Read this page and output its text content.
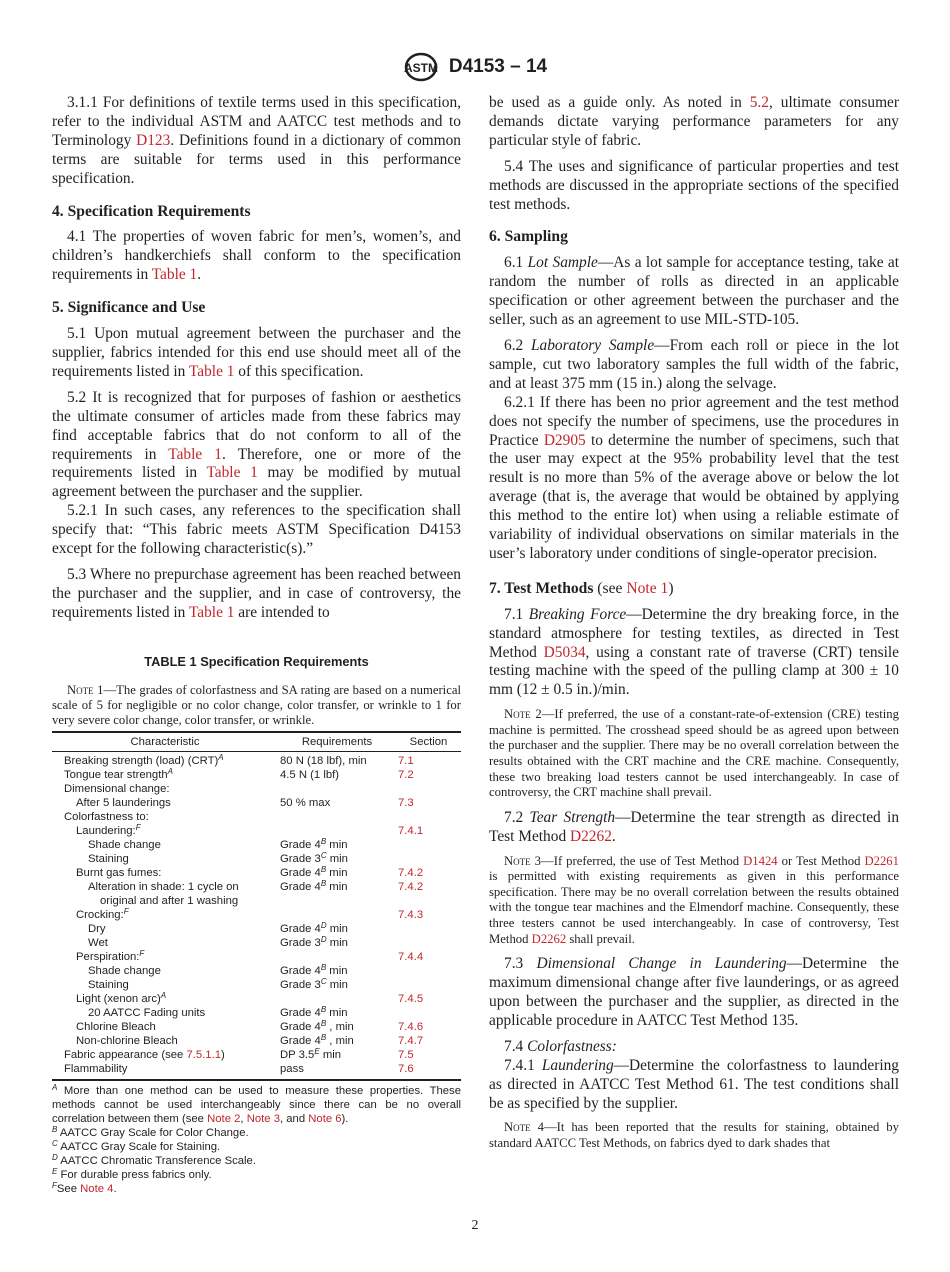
ASTM D4153 – 14

3.1.1 For definitions of textile terms used in this specification, refer to the individual ASTM and AATCC test methods and to Terminology D123. Definitions found in a dictionary of common terms are suitable for terms used in this performance specification.

4. Specification Requirements

4.1 The properties of woven fabric for men’s, women’s, and children’s handkerchiefs shall conform to the specification requirements in Table 1.

5. Significance and Use

5.1 Upon mutual agreement between the purchaser and the supplier, fabrics intended for this end use should meet all of the requirements listed in Table 1 of this specification.

5.2 It is recognized that for purposes of fashion or aesthetics the ultimate consumer of articles made from these fabrics may find acceptable fabrics that do not conform to all of the requirements in Table 1. Therefore, one or more of the requirements listed in Table 1 may be modified by mutual agreement between the purchaser and the supplier.

5.2.1 In such cases, any references to the specification shall specify that: “This fabric meets ASTM Specification D4153 except for the following characteristic(s).”

5.3 Where no prepurchase agreement has been reached between the purchaser and the supplier, and in case of controversy, the requirements listed in Table 1 are intended to

TABLE 1 Specification Requirements

Note 1—The grades of colorfastness and SA rating are based on a numerical scale of 5 for negligible or no color change, color transfer, or wrinkle to 1 for very severe color change, color transfer, or wrinkle.

Characteristic	Requirements	Section
Breaking strength (load) (CRT)$^A$	80 N (18 lbf), min	7.1
Tongue tear strength$^A$	4.5 N (1 lbf)	7.2
Dimensional change:		
After 5 launderings	50 % max	7.3
Colorfastness to:		
Laundering:$^F$		7.4.1
Shade change	Grade $4^B$ min	
Staining	Grade $3^C$ min	
Burnt gas fumes:	Grade $4^B$ min	7.4.2
Alteration in shade: 1 cycle on	Grade $4^B$ min	7.4.2
original and after 1 washing		
Crocking:$^F$		7.4.3
Dry	Grade $4^D$ min	
Wet	Grade $3^D$ min	
Perspiration:$^F$		7.4.4
Shade change	Grade $4^B$ min	
Staining	Grade $3^C$ min	
Light (xenon arc)$^A$		7.4.5
20 AATCC Fading units	Grade $4^B$ min	
Chlorine Bleach	Grade $4^B$ , min	7.4.6
Non-chlorine Bleach	Grade $4^B$ , min	7.4.7
Fabric appearance (see 7.5.1.1)	DP $3.5^E$ min	7.5
Flammability	pass	7.6

$^A$ More than one method can be used to measure these properties. These methods cannot be used interchangeably since there can be no overall correlation between them (see Note 2, Note 3, and Note 6).

$^B$ AATCC Gray Scale for Color Change.

$^C$ AATCC Gray Scale for Staining.

$^D$ AATCC Chromatic Transference Scale.

$^E$ For durable press fabrics only.

$^F$See Note 4.

be used as a guide only. As noted in 5.2, ultimate consumer demands dictate varying performance parameters for any particular style of fabric.

5.4 The uses and significance of particular properties and test methods are discussed in the appropriate sections of the specified test methods.

6. Sampling

6.1 Lot Sample—As a lot sample for acceptance testing, take at random the number of rolls as directed in an applicable specification or other agreement between the purchaser and the seller, such as an agreement to use MIL-STD-105.

6.2 Laboratory Sample—From each roll or piece in the lot sample, cut two laboratory samples the full width of the fabric, and at least 375 mm (15 in.) along the selvage.

6.2.1 If there has been no prior agreement and the test method does not specify the number of specimens, use the procedures in Practice D2905 to determine the number of specimens, such that the user may expect at the 95% probability level that the test result is no more than 5% of the average above or below the lot average (that is, the average that would be obtained by applying this method to the entire lot) when using a reliable estimate of variability of individual observations on similar materials in the user’s laboratory under conditions of single-operator precision.

7. Test Methods (see Note 1)

7.1 Breaking Force—Determine the dry breaking force, in the standard atmosphere for testing textiles, as directed in Test Method D5034, using a constant rate of traverse (CRT) tensile testing machine with the speed of the pulling clamp at 300 ± 10 mm (12 ± 0.5 in.)/min.

Note 2—If preferred, the use of a constant-rate-of-extension (CRE) testing machine is permitted. The crosshead speed should be as agreed upon between the purchaser and the supplier. There may be no overall correlation between the results obtained with the CRT machine and the CRE machine. Consequently, these two breaking load testers cannot be used interchangeably. In case of controversy, the CRT machine shall prevail.

7.2 Tear Strength—Determine the tear strength as directed in Test Method D2262.

Note 3—If preferred, the use of Test Method D1424 or Test Method D2261 is permitted with existing requirements as given in this performance specification. There may be no overall correlation between the results obtained with the tongue tear machines and the Elmendorf machine. Consequently, these three testers cannot be used interchangeably. In case of controversy, Test Method D2262 shall prevail.

7.3 Dimensional Change in Laundering—Determine the maximum dimensional change after five launderings, or as agreed upon between the purchaser and the supplier, as directed in the applicable procedure in AATCC Test Method 135.

7.4 Colorfastness:

7.4.1 Laundering—Determine the colorfastness to laundering as directed in AATCC Test Method 61. The test conditions shall be as specified by the supplier.

Note 4—It has been reported that the results for staining, obtained by standard AATCC Test Methods, on fabrics dyed to dark shades that

2
